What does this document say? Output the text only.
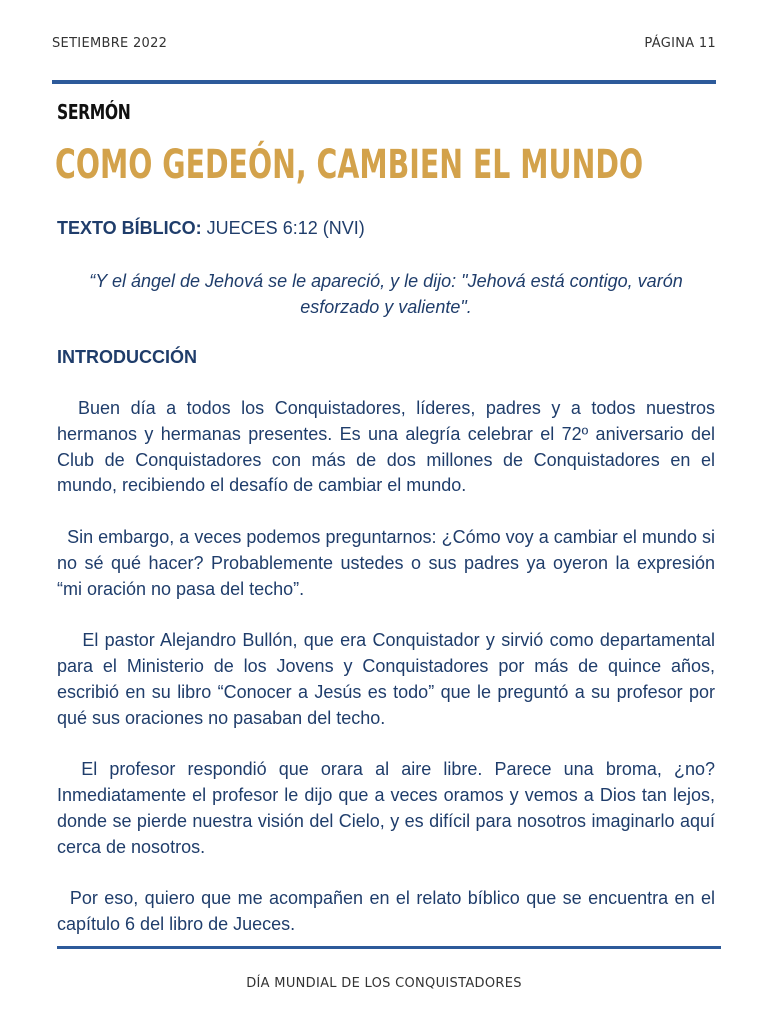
SETIEMBRE 2022	PÁGINA 11
SERMÓN
COMO GEDEÓN, CAMBIEN EL MUNDO
TEXTO BÍBLICO: JUECES 6:12 (NVI)
“Y el ángel de Jehová se le apareció, y le dijo: "Jehová está contigo, varón esforzado y valiente".
INTRODUCCIÓN

Buen día a todos los Conquistadores, líderes, padres y a todos nuestros hermanos y hermanas presentes. Es una alegría celebrar el 72º aniversario del Club de Conquistadores con más de dos millones de Conquistadores en el mundo, recibiendo el desafío de cambiar el mundo.

Sin embargo, a veces podemos preguntarnos: ¿Cómo voy a cambiar el mundo si no sé qué hacer? Probablemente ustedes o sus padres ya oyeron la expresión “mi oración no pasa del techo”.

El pastor Alejandro Bullón, que era Conquistador y sirvió como departamental para el Ministerio de los Jovens y Conquistadores por más de quince años, escribió en su libro “Conocer a Jesús es todo” que le preguntó a su profesor por qué sus oraciones no pasaban del techo.

El profesor respondió que orara al aire libre. Parece una broma, ¿no? Inmediatamente el profesor le dijo que a veces oramos y vemos a Dios tan lejos, donde se pierde nuestra visión del Cielo, y es difícil para nosotros imaginarlo aquí cerca de nosotros.

Por eso, quiero que me acompañen en el relato bíblico que se encuentra en el capítulo 6 del libro de Jueces.

DÍA MUNDIAL DE LOS CONQUISTADORES
